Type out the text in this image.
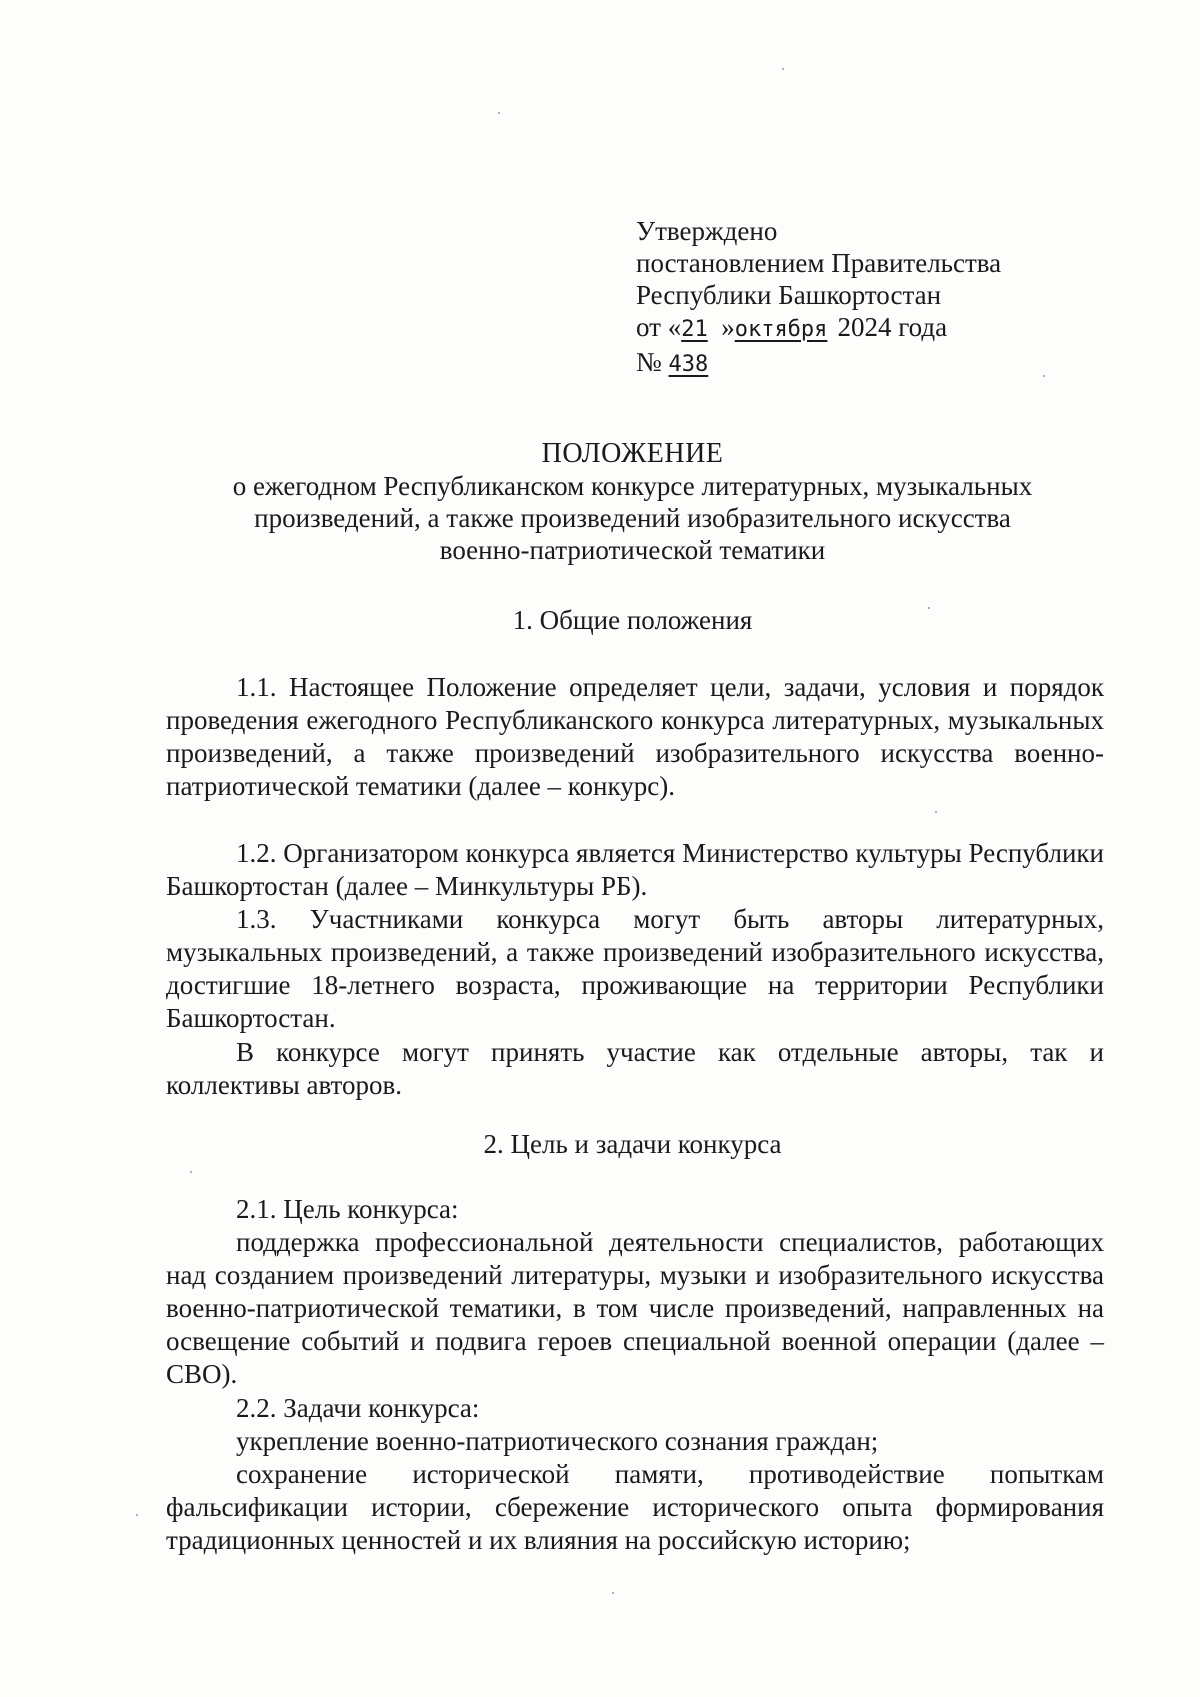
Утверждено
постановлением Правительства
Республики Башкортостан
от «21 »октября 2024 года
№ 438
ПОЛОЖЕНИЕ
о ежегодном Республиканском конкурсе литературных, музыкальных
произведений, а также произведений изобразительного искусства
военно-патриотической тематики
1. Общие положения
1.1. Настоящее Положение определяет цели, задачи, условия и порядок проведения ежегодного Республиканского конкурса литературных, музыкальных произведений, а также произведений изобразительного искусства военно-патриотической тематики (далее – конкурс).
1.2. Организатором конкурса является Министерство культуры Республики Башкортостан (далее – Минкультуры РБ).
1.3. Участниками конкурса могут быть авторы литературных, музыкальных произведений, а также произведений изобразительного искусства, достигшие 18-летнего возраста, проживающие на территории Республики Башкортостан.
В конкурсе могут принять участие как отдельные авторы, так и коллективы авторов.
2. Цель и задачи конкурса
2.1. Цель конкурса:
поддержка профессиональной деятельности специалистов, работающих над созданием произведений литературы, музыки и изобразительного искусства военно-патриотической тематики, в том числе произведений, направленных на освещение событий и подвига героев специальной военной операции (далее – СВО).
2.2. Задачи конкурса:
укрепление военно-патриотического сознания граждан;
сохранение исторической памяти, противодействие попыткам фальсификации истории, сбережение исторического опыта формирования традиционных ценностей и их влияния на российскую историю;
